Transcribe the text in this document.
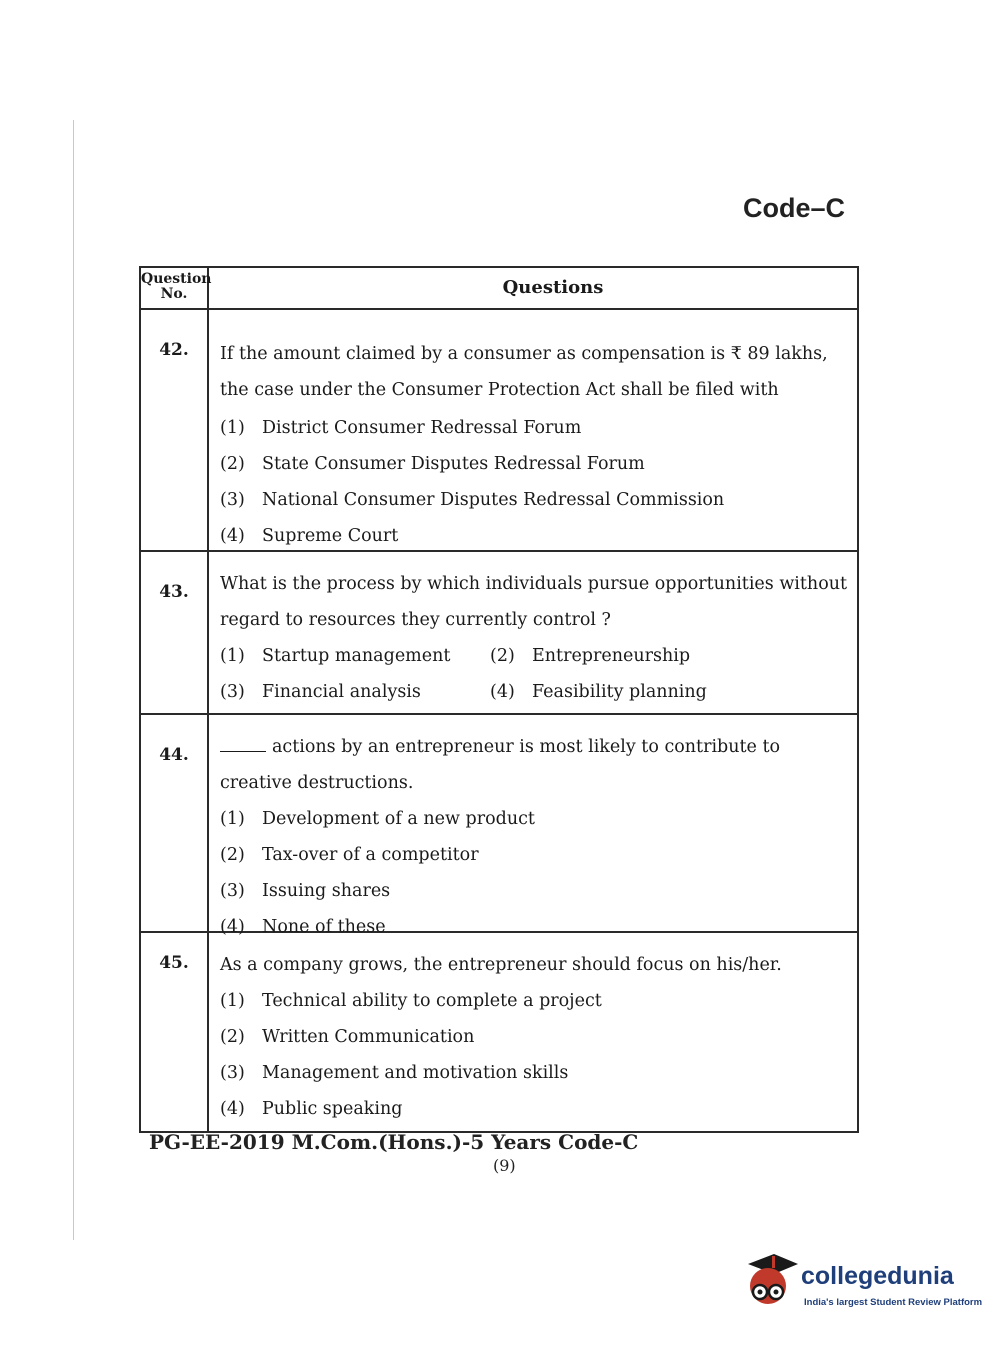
Code–C
Question
No.	Questions
42.	If the amount claimed by a consumer as compensation is ₹ 89 lakhs, the case under the Consumer Protection Act shall be filed with
(1) District Consumer Redressal Forum
(2) State Consumer Disputes Redressal Forum
(3) National Consumer Disputes Redressal Commission
(4) Supreme Court
43.	What is the process by which individuals pursue opportunities without regard to resources they currently control ?
(1) Startup management (2) Entrepreneurship
(3) Financial analysis	(4) Feasibility planning
44.	actions by an entrepreneur is most likely to contribute to creative destructions.
(1) Development of a new product
(2) Tax-over of a competitor
(3) Issuing shares
(4) None of these
45.	As a company grows, the entrepreneur should focus on his/her.
(1) Technical ability to complete a project
(2) Written Communication
(3) Management and motivation skills
(4) Public speaking
PG-EE-2019 M.Com.(Hons.)-5 Years Code-C
(9)
collegedunia
India's largest Student Review Platform
